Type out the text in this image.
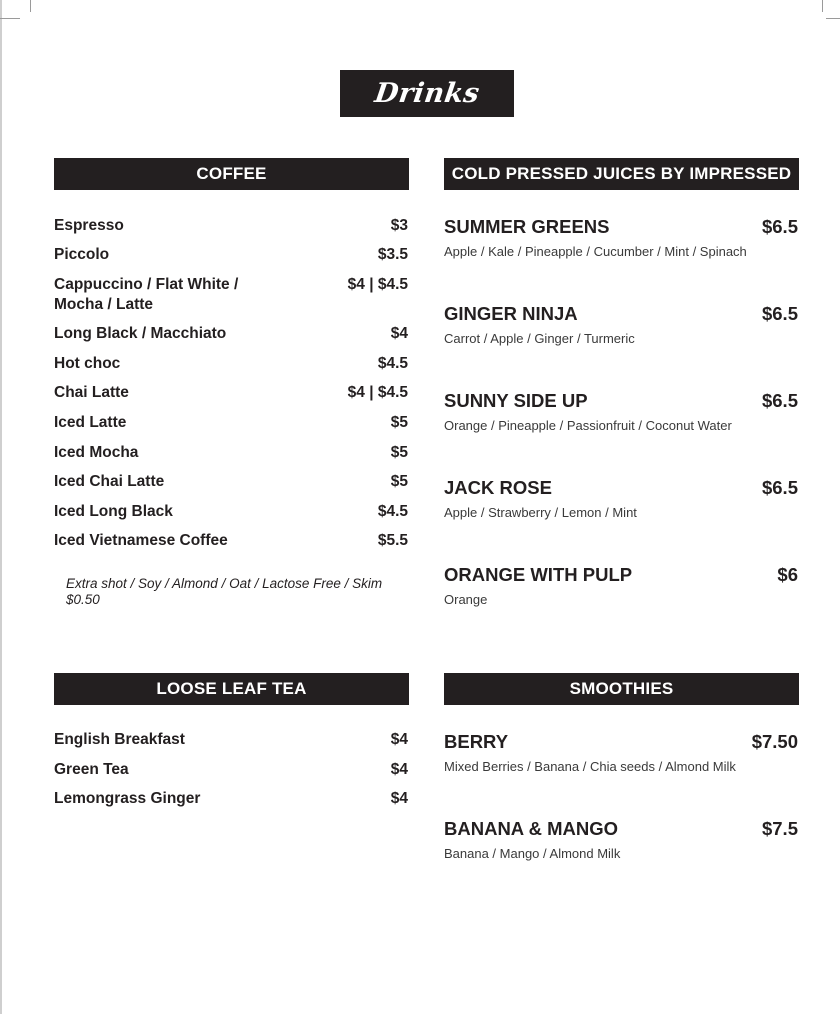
Drinks
COFFEE
Espresso	$3
Piccolo	$3.5
Cappuccino / Flat White /
Mocha / Latte
$4 | $4.5
Long Black / Macchiato	$4
Hot choc	$4.5
Chai Latte	$4 | $4.5
Iced Latte	$5
Iced Mocha	$5
Iced Chai Latte	$5
Iced Long Black	$4.5
Iced Vietnamese Coffee	$5.5
Extra shot / Soy / Almond / Oat / Lactose Free / Skim $0.50
LOOSE LEAF TEA
English Breakfast	$4
Green Tea	$4
Lemongrass Ginger	$4
COLD PRESSED JUICES BY IMPRESSED
SUMMER GREENS	$6.5
Apple / Kale / Pineapple / Cucumber / Mint / Spinach
GINGER NINJA	$6.5
Carrot / Apple / Ginger / Turmeric
SUNNY SIDE UP	$6.5
Orange / Pineapple / Passionfruit / Coconut Water
JACK ROSE	$6.5
Apple / Strawberry / Lemon / Mint
ORANGE WITH PULP	$6
Orange
SMOOTHIES
BERRY	$7.50
Mixed Berries / Banana / Chia seeds / Almond Milk
BANANA & MANGO	$7.5
Banana / Mango / Almond Milk
